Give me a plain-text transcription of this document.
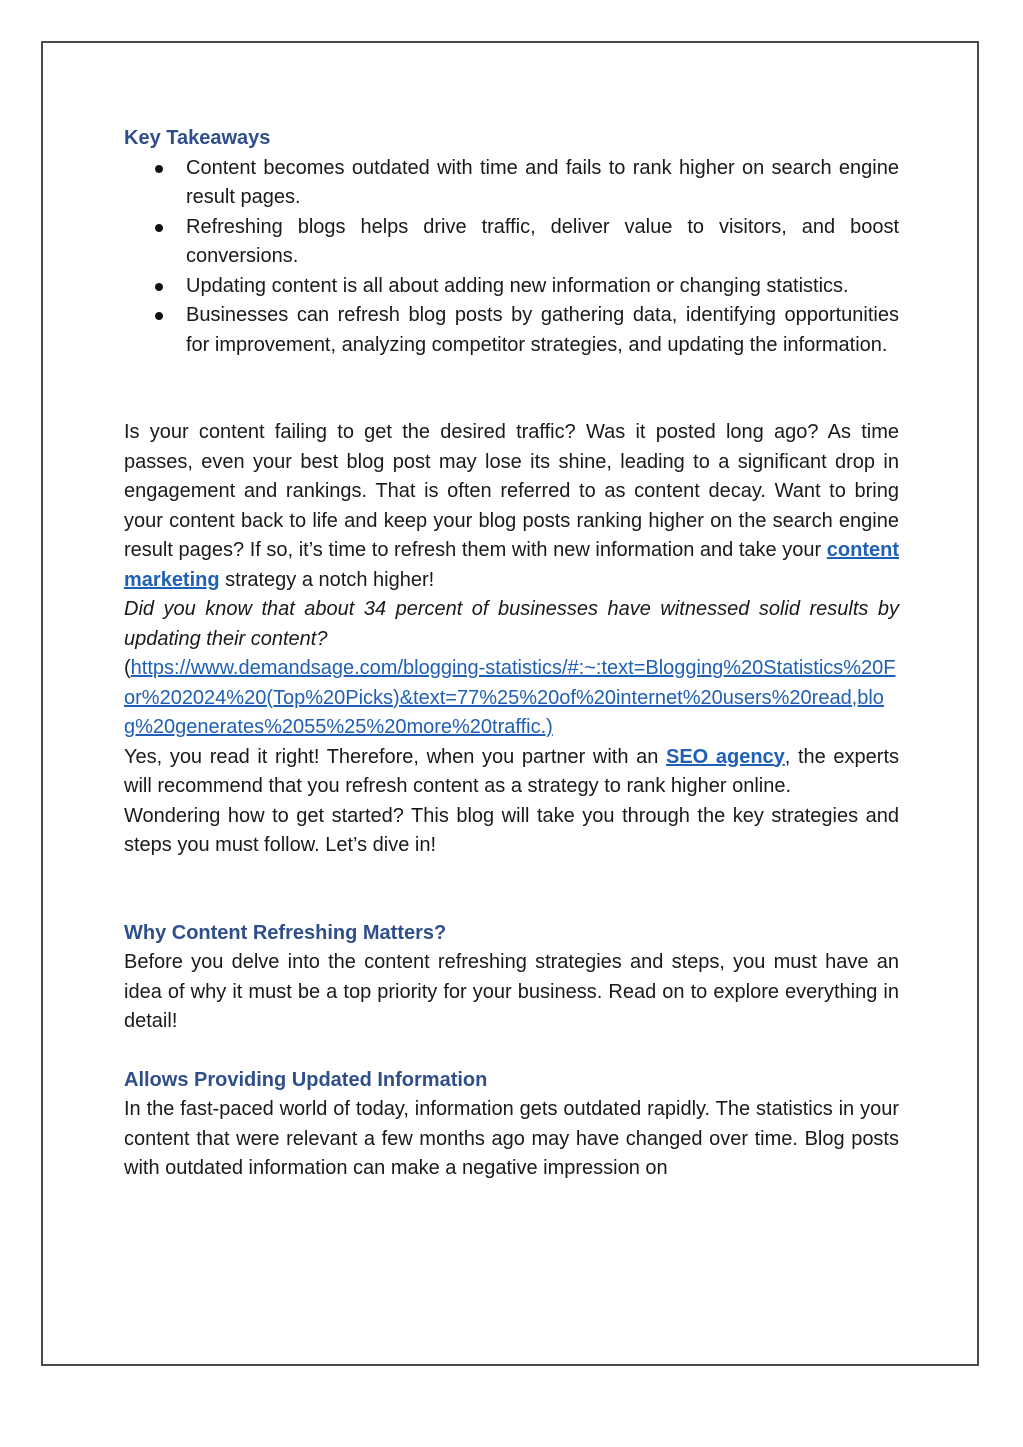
Key Takeaways

Content becomes outdated with time and fails to rank higher on search engine result pages.
Refreshing blogs helps drive traffic, deliver value to visitors, and boost conversions.
Updating content is all about adding new information or changing statistics.
Businesses can refresh blog posts by gathering data, identifying opportunities for improvement, analyzing competitor strategies, and updating the information.

Is your content failing to get the desired traffic? Was it posted long ago? As time passes, even your best blog post may lose its shine, leading to a significant drop in engagement and rankings. That is often referred to as content decay. Want to bring your content back to life and keep your blog posts ranking higher on the search engine result pages? If so, it’s time to refresh them with new information and take your content marketing strategy a notch higher!

Did you know that about 34 percent of businesses have witnessed solid results by updating their content?

(https://www.demandsage.com/blogging-statistics/#:~:text=Blogging%20Statistics%20For%202024%20(Top%20Picks)&text=77%25%20of%20internet%20users%20read,blog%20generates%2055%25%20more%20traffic.)

Yes, you read it right! Therefore, when you partner with an SEO agency, the experts will recommend that you refresh content as a strategy to rank higher online.

Wondering how to get started? This blog will take you through the key strategies and steps you must follow. Let’s dive in!

Why Content Refreshing Matters?

Before you delve into the content refreshing strategies and steps, you must have an idea of why it must be a top priority for your business. Read on to explore everything in detail!

Allows Providing Updated Information

In the fast-paced world of today, information gets outdated rapidly. The statistics in your content that were relevant a few months ago may have changed over time. Blog posts with outdated information can make a negative impression on
